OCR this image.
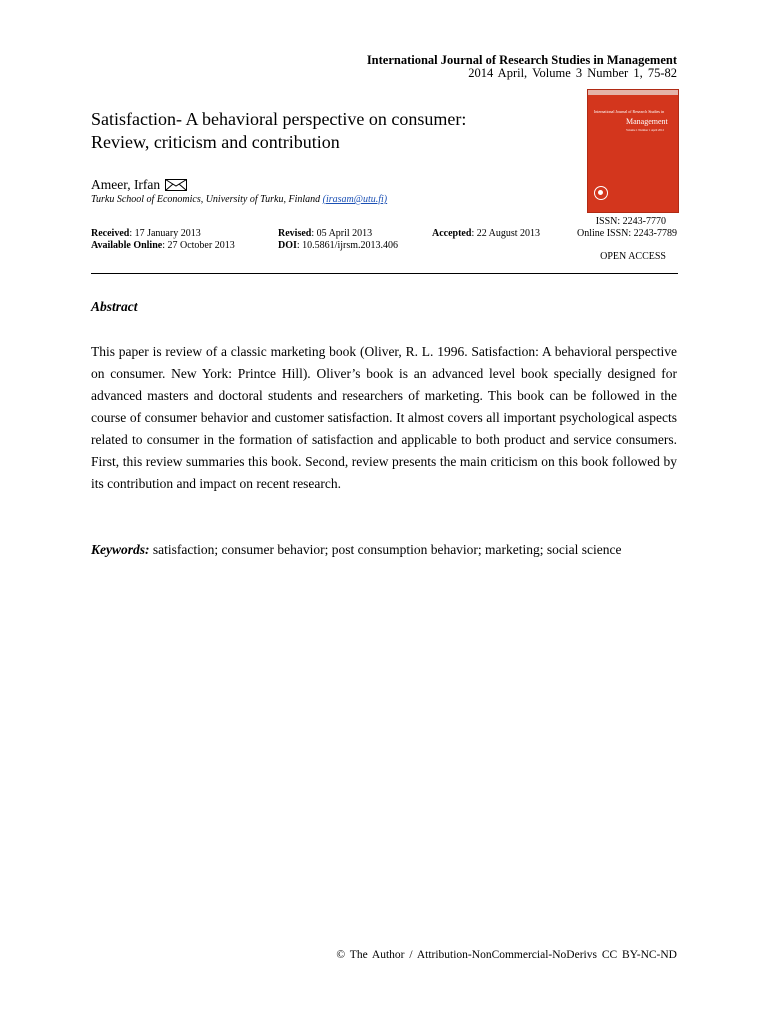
International Journal of Research Studies in Management
2014 April, Volume 3 Number 1, 75-82
Satisfaction- A behavioral perspective on consumer:
Review, criticism and contribution
International Journal of Research Studies in
Management
Volume 1 Number 1 April 2012
Ameer, Irfan
Turku School of Economics, University of Turku, Finland (irasam@utu.fi)
Received: 17 January 2013
Available Online: 27 October 2013
Revised: 05 April 2013
DOI: 10.5861/ijrsm.2013.406
Accepted: 22 August 2013
ISSN: 2243-7770
Online ISSN: 2243-7789
OPEN ACCESS
Abstract

This paper is review of a classic marketing book (Oliver, R. L. 1996. Satisfaction: A behavioral perspective on consumer. New York: Printce Hill). Oliver’s book is an advanced level book specially designed for advanced masters and doctoral students and researchers of marketing. This book can be followed in the course of consumer behavior and customer satisfaction. It almost covers all important psychological aspects related to consumer in the formation of satisfaction and applicable to both product and service consumers. First, this review summaries this book. Second, review presents the main criticism on this book followed by its contribution and impact on recent research.

Keywords: satisfaction; consumer behavior; post consumption behavior; marketing; social science

© The Author / Attribution-NonCommercial-NoDerivs CC BY-NC-ND
